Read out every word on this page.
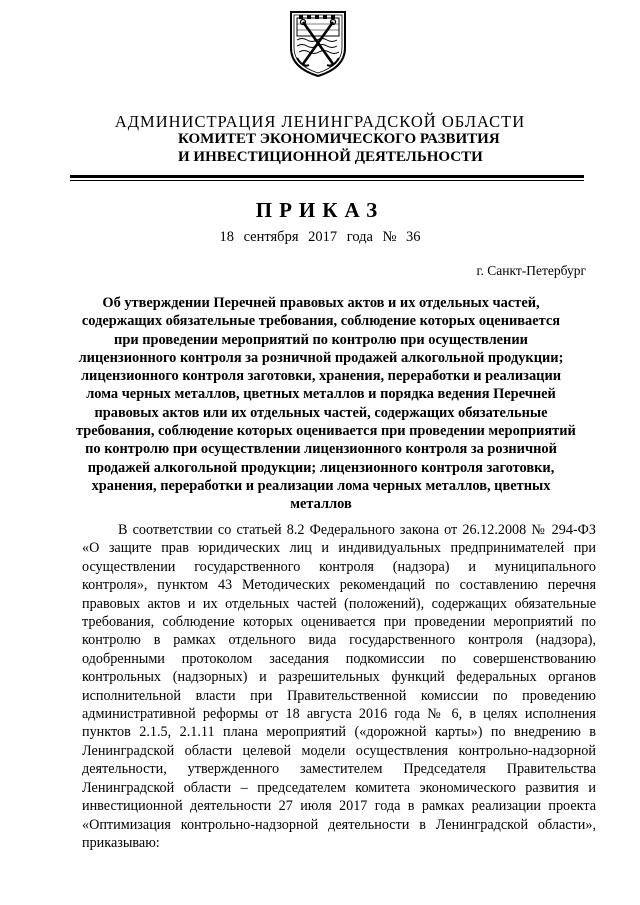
АДМИНИСТРАЦИЯ ЛЕНИНГРАДСКОЙ ОБЛАСТИ
КОМИТЕТ ЭКОНОМИЧЕСКОГО РАЗВИТИЯ
И ИНВЕСТИЦИОННОЙ ДЕЯТЕЛЬНОСТИ
ПРИКАЗ
18 сентября 2017 года № 36
г. Санкт-Петербург
Об утверждении Перечней правовых актов и их отдельных частей,
содержащих обязательные требования, соблюдение которых оценивается
при проведении мероприятий по контролю при осуществлении
лицензионного контроля за розничной продажей алкогольной продукции;
лицензионного контроля заготовки, хранения, переработки и реализации
лома черных металлов, цветных металлов и порядка ведения Перечней
правовых актов или их отдельных частей, содержащих обязательные
требования, соблюдение которых оценивается при проведении мероприятий
по контролю при осуществлении лицензионного контроля за розничной
продажей алкогольной продукции; лицензионного контроля заготовки,
хранения, переработки и реализации лома черных металлов, цветных
металлов
В соответствии со статьей 8.2 Федерального закона от 26.12.2008 № 294-ФЗ
«О защите прав юридических лиц и индивидуальных предпринимателей при
осуществлении государственного контроля (надзора) и муниципального
контроля», пунктом 43 Методических рекомендаций по составлению перечня
правовых актов и их отдельных частей (положений), содержащих обязательные
требования, соблюдение которых оценивается при проведении мероприятий по
контролю в рамках отдельного вида государственного контроля (надзора),
одобренными протоколом заседания подкомиссии по совершенствованию
контрольных (надзорных) и разрешительных функций федеральных органов
исполнительной власти при Правительственной комиссии по проведению
административной реформы от 18 августа 2016 года № 6, в целях исполнения
пунктов 2.1.5, 2.1.11 плана мероприятий («дорожной карты») по внедрению в
Ленинградской области целевой модели осуществления контрольно-надзорной
деятельности, утвержденного заместителем Председателя Правительства
Ленинградской области – председателем комитета экономического развития и
инвестиционной деятельности 27 июля 2017 года в рамках реализации проекта
«Оптимизация контрольно-надзорной деятельности в Ленинградской области»,
приказываю:
